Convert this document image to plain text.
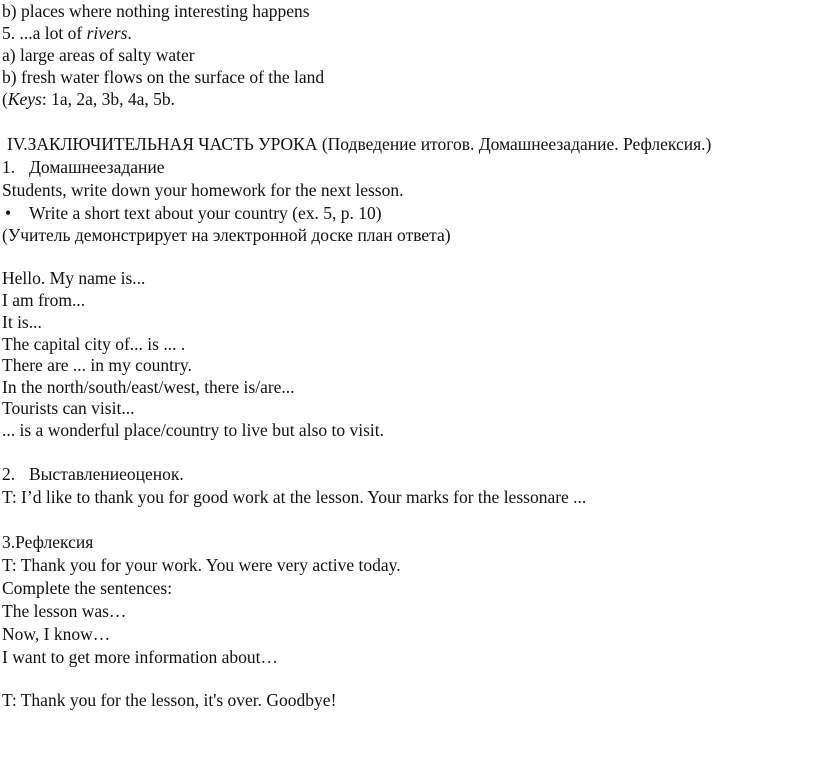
b) places where nothing interesting happens
5. ...a lot of rivers.
a) large areas of salty water
b) fresh water flows on the surface of the land
(Keys: 1a, 2a, 3b, 4a, 5b.
IV.ЗАКЛЮЧИТЕЛЬНАЯ ЧАСТЬ УРОКА (Подведение итогов. Домашнеезадание. Рефлексия.)
1. Домашнеезадание
Students, write down your homework for the next lesson.
• Write a short text about your country (ex. 5, p. 10)
(Учитель демонстрирует на электронной доске план ответа)
Hello. My name is...
I am from...
It is...
The capital city of... is ... .
There are ... in my country.
In the north/south/east/west, there is/are...
Tourists can visit...
... is a wonderful place/country to live but also to visit.
2. Выставлениеоценок.
T: I’d like to thank you for good work at the lesson. Your marks for the lessonare ...
3.Рефлексия
T: Thank you for your work. You were very active today.
Complete the sentences:
The lesson was…
Now, I know…
I want to get more information about…
T: Thank you for the lesson, it's over. Goodbye!
